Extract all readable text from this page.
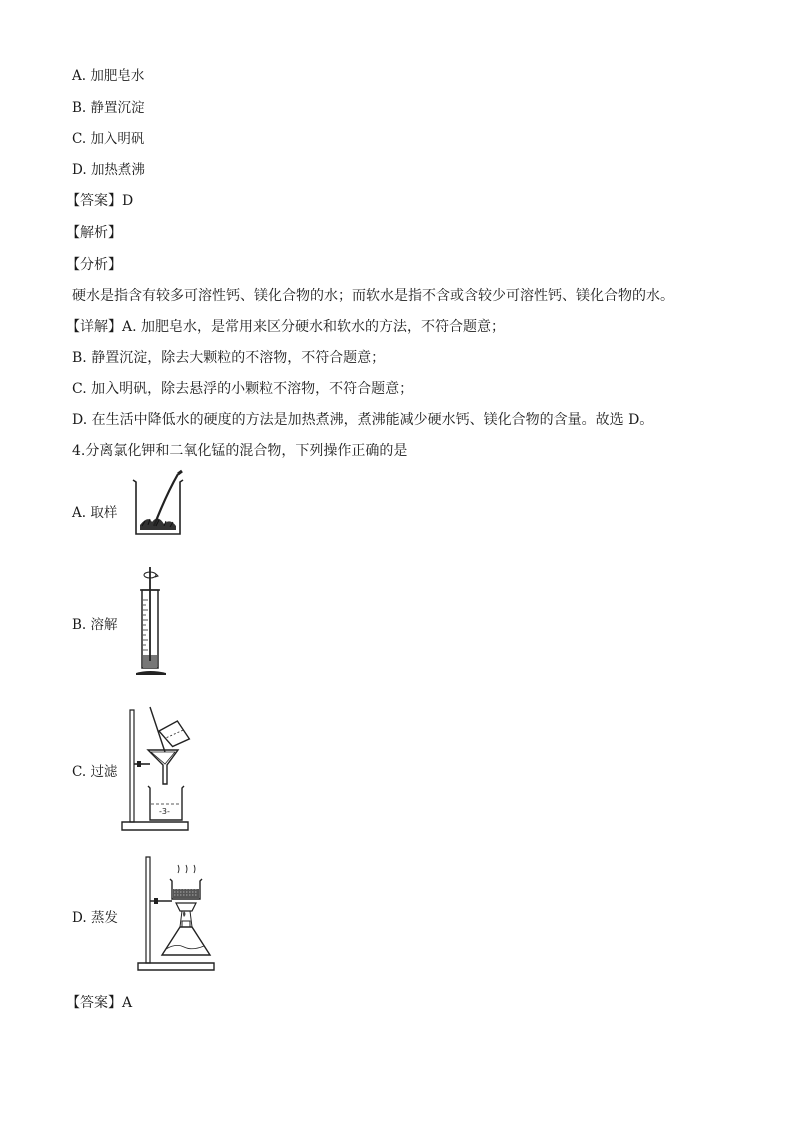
A. 加肥皂水
B. 静置沉淀
C. 加入明矾
D. 加热煮沸
【答案】D
【解析】
【分析】
硬水是指含有较多可溶性钙、镁化合物的水；而软水是指不含或含较少可溶性钙、镁化合物的水。
【详解】A. 加肥皂水，是常用来区分硬水和软水的方法，不符合题意；
B. 静置沉淀，除去大颗粒的不溶物，不符合题意；
C. 加入明矾，除去悬浮的小颗粒不溶物，不符合题意；
D. 在生活中降低水的硬度的方法是加热煮沸，煮沸能减少硬水钙、镁化合物的含量。故选 D。
4.分离氯化钾和二氧化锰的混合物，下列操作正确的是
A. 取样
B. 溶解
C. 过滤
-3-
D. 蒸发
【答案】A
